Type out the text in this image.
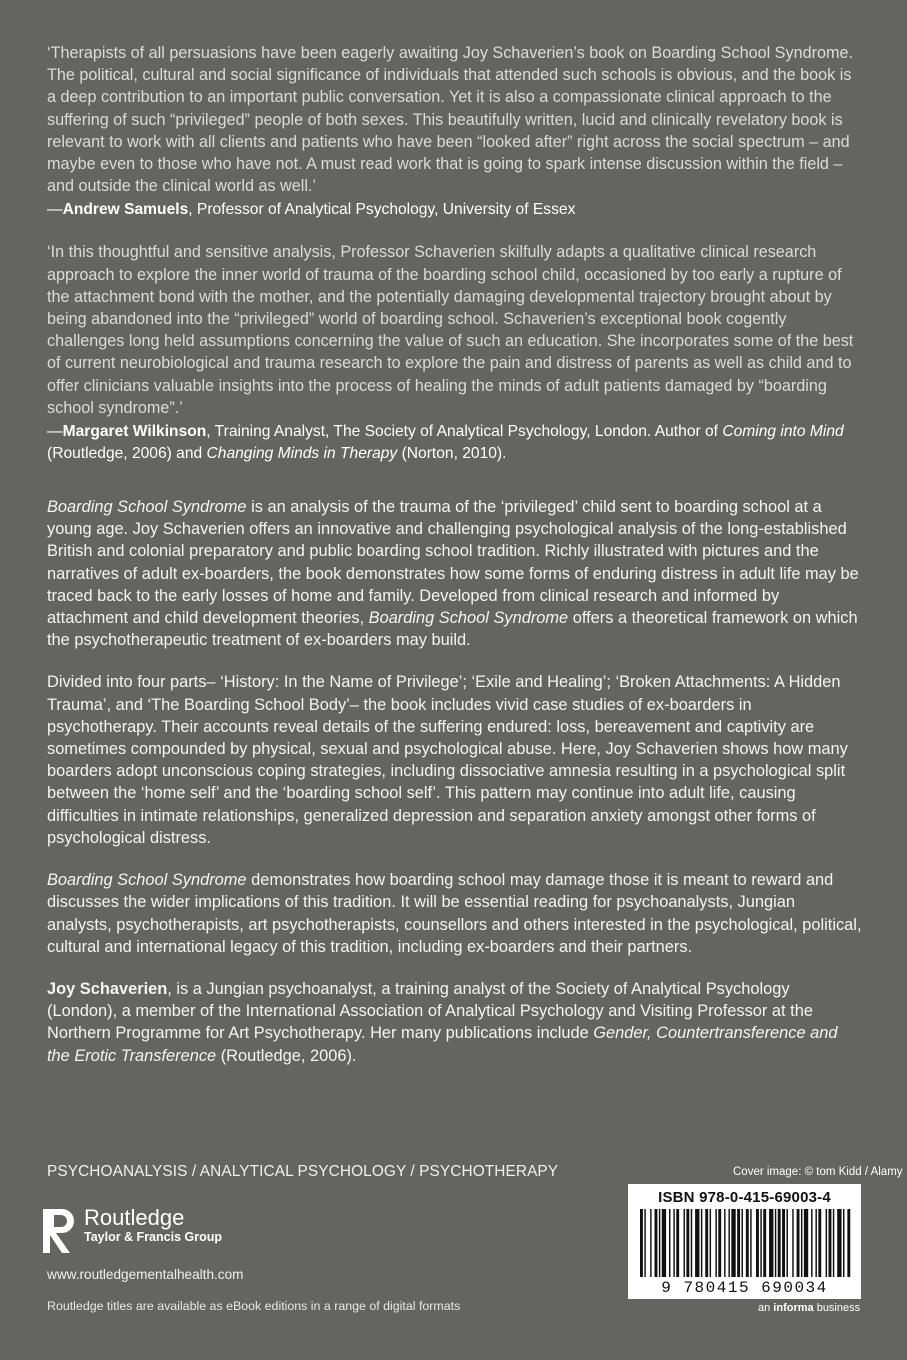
‘Therapists of all persuasions have been eagerly awaiting Joy Schaverien’s book on Boarding School Syndrome. The political, cultural and social significance of individuals that attended such schools is obvious, and the book is a deep contribution to an important public conversation. Yet it is also a compassionate clinical approach to the suffering of such “privileged” people of both sexes. This beautifully written, lucid and clinically revelatory book is relevant to work with all clients and patients who have been “looked after” right across the social spectrum – and maybe even to those who have not. A must read work that is going to spark intense discussion within the field – and outside the clinical world as well.’

—Andrew Samuels, Professor of Analytical Psychology, University of Essex

‘In this thoughtful and sensitive analysis, Professor Schaverien skilfully adapts a qualitative clinical research approach to explore the inner world of trauma of the boarding school child, occasioned by too early a rupture of the attachment bond with the mother, and the potentially damaging developmental trajectory brought about by being abandoned into the “privileged” world of boarding school. Schaverien’s exceptional book cogently challenges long held assumptions concerning the value of such an education. She incorporates some of the best of current neurobiological and trauma research to explore the pain and distress of parents as well as child and to offer clinicians valuable insights into the process of healing the minds of adult patients damaged by “boarding school syndrome”.’

—Margaret Wilkinson, Training Analyst, The Society of Analytical Psychology, London. Author of Coming into Mind (Routledge, 2006) and Changing Minds in Therapy (Norton, 2010).

Boarding School Syndrome is an analysis of the trauma of the ‘privileged’ child sent to boarding school at a young age. Joy Schaverien offers an innovative and challenging psychological analysis of the long-established British and colonial preparatory and public boarding school tradition. Richly illustrated with pictures and the narratives of adult ex-boarders, the book demonstrates how some forms of enduring distress in adult life may be traced back to the early losses of home and family. Developed from clinical research and informed by attachment and child development theories, Boarding School Syndrome offers a theoretical framework on which the psychotherapeutic treatment of ex-boarders may build.

Divided into four parts– ‘History: In the Name of Privilege’; ‘Exile and Healing’; ‘Broken Attachments: A Hidden Trauma’, and ‘The Boarding School Body’– the book includes vivid case studies of ex-boarders in psychotherapy. Their accounts reveal details of the suffering endured: loss, bereavement and captivity are sometimes compounded by physical, sexual and psychological abuse. Here, Joy Schaverien shows how many boarders adopt unconscious coping strategies, including dissociative amnesia resulting in a psychological split between the ‘home self’ and the ‘boarding school self’. This pattern may continue into adult life, causing difficulties in intimate relationships, generalized depression and separation anxiety amongst other forms of psychological distress.

Boarding School Syndrome demonstrates how boarding school may damage those it is meant to reward and discusses the wider implications of this tradition. It will be essential reading for psychoanalysts, Jungian analysts, psychotherapists, art psychotherapists, counsellors and others interested in the psychological, political, cultural and international legacy of this tradition, including ex-boarders and their partners.

Joy Schaverien, is a Jungian psychoanalyst, a training analyst of the Society of Analytical Psychology (London), a member of the International Association of Analytical Psychology and Visiting Professor at the Northern Programme for Art Psychotherapy. Her many publications include Gender, Countertransference and the Erotic Transference (Routledge, 2006).

PSYCHOANALYSIS / ANALYTICAL PSYCHOLOGY / PSYCHOTHERAPY
Routledge
Taylor & Francis Group
www.routledgementalhealth.com
Routledge titles are available as eBook editions in a range of digital formats
Cover image: © tom Kidd / Alamy
ISBN 978-0-415-69003-4
9 780415 690034
an informa business
